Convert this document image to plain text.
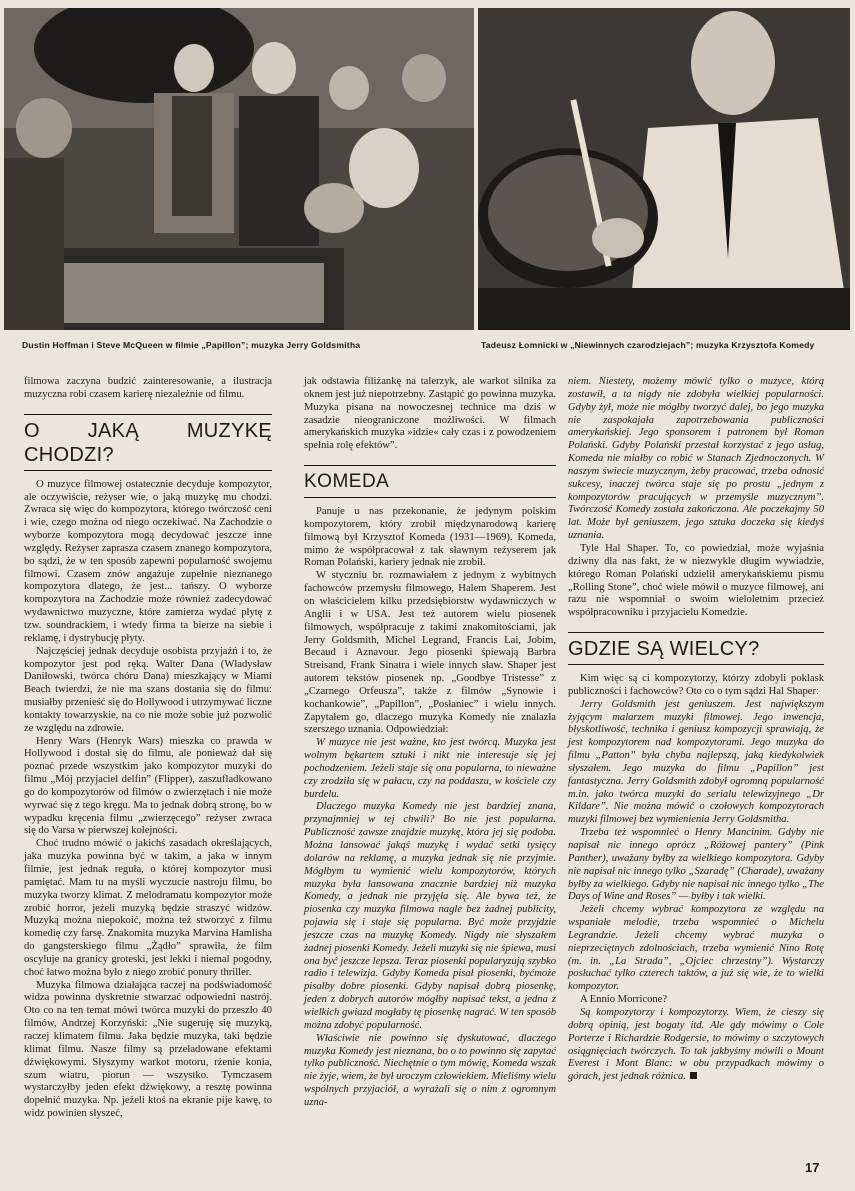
Dustin Hoffman i Steve McQueen w filmie „Papillon”; muzyka Jerry Goldsmitha	Tadeusz Łomnicki w „Niewinnych czarodziejach”; muzyka Krzysztofa Komedy

filmowa zaczyna budzić zainteresowanie, a ilustracja muzyczna robi czasem karierę niezależnie od filmu.

O JAKĄ MUZYKĘ CHODZI?

O muzyce filmowej ostatecznie decyduje kompozytor, ale oczywiście, reżyser wie, o jaką muzykę mu chodzi. Zwraca się więc do kompozytora, którego twórczość ceni i wie, czego można od niego oczekiwać. Na Zachodzie o wyborze kompozytora mogą decydować jeszcze inne względy. Reżyser zaprasza czasem znanego kompozytora, bo sądzi, że w ten sposób zapewni popularność swojemu filmowi. Czasem znów angażuje zupełnie nieznanego kompozytora dlatego, że jest... tańszy. O wyborze kompozytora na Zachodzie może również zadecydować wydawnictwo muzyczne, które zamierza wydać płytę z tzw. soundrackiem, i wtedy firma ta bierze na siebie i reklamę, i dystrybucję płyty.

Najczęściej jednak decyduje osobista przyjaźń i to, że kompozytor jest pod ręką. Walter Dana (Władysław Daniłowski, twórca chóru Dana) mieszkający w Miami Beach twierdzi, że nie ma szans dostania się do filmu: musiałby przenieść się do Hollywood i utrzymywać liczne kontakty towarzyskie, na co nie może sobie już pozwolić ze względu na zdrowie.

Henry Wars (Henryk Wars) mieszka co prawda w Hollywood i dostał się do filmu, ale ponieważ dał się poznać przede wszystkim jako kompozytor muzyki do filmu „Mój przyjaciel delfin” (Flipper), zaszufladkowano go do kompozytorów od filmów o zwierzętach i nie może wyrwać się z tego kręgu. Ma to jednak dobrą stronę, bo w wypadku kręcenia filmu „zwierzęcego” reżyser zwraca się do Varsa w pierwszej kolejności.

Choć trudno mówić o jakichś zasadach określających, jaka muzyka powinna być w takim, a jaka w innym filmie, jest jednak reguła, o której kompozytor musi pamiętać. Mam tu na myśli wyczucie nastroju filmu, bo muzyka tworzy klimat. Z melodramatu kompozytor może zrobić horror, jeżeli muzyką będzie straszyć widzów. Muzyką można niepokoić, można też stworzyć z filmu komedię czy farsę. Znakomita muzyka Marvina Hamlisha do gangsterskiego filmu „Żądło” sprawiła, że film oscyluje na granicy groteski, jest lekki i niemal pogodny, choć łatwo można było z niego zrobić ponury thriller.

Muzyka filmowa działająca raczej na podświadomość widza powinna dyskretnie stwarzać odpowiedni nastrój. Oto co na ten temat mówi twórca muzyki do przeszło 40 filmów, Andrzej Korzyński: „Nie sugeruję się muzyką, raczej klimatem filmu. Jaka będzie muzyka, taki będzie klimat filmu. Nasze filmy są przeładowane efektami dźwiękowymi. Słyszymy warkot motoru, rżenie konia, szum wiatru, piorun — wszystko. Tymczasem wystarczyłby jeden efekt dźwiękowy, a resztę powinna dopełnić muzyka. Np. jeżeli ktoś na ekranie pije kawę, to widz powinien słyszeć,

jak odstawia filiżankę na talerzyk, ale warkot silnika za oknem jest już niepotrzebny. Zastąpić go powinna muzyka. Muzyka pisana na nowoczesnej technice ma dziś w zasadzie nieograniczone możliwości. W filmach amerykańskich muzyka »idzie« cały czas i z powodzeniem spełnia rolę efektów”.

KOMEDA

Panuje u nas przekonanie, że jedynym polskim kompozytorem, który zrobił międzynarodową karierę filmową był Krzysztof Komeda (1931—1969). Komeda, mimo że współpracował z tak sławnym reżyserem jak Roman Polański, kariery jednak nie zrobił.

W styczniu br. rozmawiałem z jednym z wybitnych fachowców przemysłu filmowego, Halem Shaperem. Jest on właścicielem kilku przedsiębiorstw wydawniczych w Anglii i w USA. Jest też autorem wielu piosenek filmowych, współpracuje z takimi znakomitościami, jak Jerry Goldsmith, Michel Legrand, Francis Lai, Jobim, Becaud i Aznavour. Jego piosenki śpiewają Barbra Streisand, Frank Sinatra i wiele innych sław. Shaper jest autorem tekstów piosenek np. „Goodbye Tristesse” z „Czarnego Orfeusza”, także z filmów „Synowie i kochankowie”, „Papillon”, „Posłaniec” i wielu innych. Zapytałem go, dlaczego muzyka Komedy nie znalazła szerszego uznania. Odpowiedział:

W muzyce nie jest ważne, kto jest twórcą. Muzyka jest wolnym bękartem sztuki i nikt nie interesuje się jej pochodzeniem. Jeżeli staje się ona popularna, to nieważne czy zrodziła się w pałacu, czy na poddaszu, w kościele czy burdelu.

Dlaczego muzyka Komedy nie jest bardziej znana, przynajmniej w tej chwili? Bo nie jest popularna. Publiczność zawsze znajdzie muzykę, która jej się podoba. Można lansować jakąś muzykę i wydać setki tysięcy dolarów na reklamę, a muzyka jednak się nie przyjmie. Mógłbym tu wymienić wielu kompozytorów, których muzyka była lansowana znacznie bardziej niż muzyka Komedy, a jednak nie przyjęła się. Ale bywa też, że piosenka czy muzyka filmowa nagle bez żadnej publicity, pojawia się i staje się popularna. Być może przyjdzie jeszcze czas na muzykę Komedy. Nigdy nie słyszałem żadnej piosenki Komedy. Jeżeli muzyki się nie śpiewa, musi ona być jeszcze lepsza. Teraz piosenki popularyzują szybko radio i telewizja. Gdyby Komeda pisał piosenki, byćmoże pisałby dobre piosenki. Gdyby napisał dobrą piosenkę, jeden z dobrych autorów mógłby napisać tekst, a jedna z wielkich gwiazd mogłaby tę piosenkę nagrać. W ten sposób można zdobyć popularność.

Właściwie nie powinno się dyskutować, dlaczego muzyka Komedy jest nieznana, bo o to powinno się zapytać tylko publiczność. Niechętnie o tym mówię, Komeda wszak nie żyje, wiem, że był uroczym człowiekiem. Mieliśmy wielu wspólnych przyjaciół, a wyrażali się o nim z ogromnym uzna-

niem. Niestety, możemy mówić tylko o muzyce, którą zostawił, a ta nigdy nie zdobyła wielkiej popularności. Gdyby żył, może nie mógłby tworzyć dalej, bo jego muzyka nie zaspokajała zapotrzebowania publiczności amerykańskiej. Jego sponsorem i patronem był Roman Polański. Gdyby Polański przestał korzystać z jego usług, Komeda nie miałby co robić w Stanach Zjednoczonych. W naszym świecie muzycznym, żeby pracować, trzeba odnosić sukcesy, inaczej twórca staje się po prostu „jednym z kompozytorów pracujących w przemyśle muzycznym”. Twórczość Komedy została zakończona. Ale poczekajmy 50 lat. Może był geniuszem, jego sztuka doczeka się kiedyś uznania.

Tyle Hal Shaper. To, co powiedział, może wyjaśnia dziwny dla nas fakt, że w niezwykle długim wywiadzie, którego Roman Polański udzielił amerykańskiemu pismu „Rolling Stone”, choć wiele mówił o muzyce filmowej, ani razu nie wspomniał o swoim wieloletnim przecież współpracowniku i przyjacielu Komedzie.

GDZIE SĄ WIELCY?

Kim więc są ci kompozytorzy, którzy zdobyli poklask publiczności i fachowców? Oto co o tym sądzi Hal Shaper:

Jerry Goldsmith jest geniuszem. Jest największym żyjącym malarzem muzyki filmowej. Jego inwencja, błyskotliwość, technika i geniusz kompozycji sprawiają, że jest kompozytorem nad kompozytorami. Jego muzyka do filmu „Patton” była chyba najlepszą, jaką kiedykolwiek słyszałem. Jego muzyka do filmu „Papillon” jest fantastyczna. Jerry Goldsmith zdobył ogromną popularność m.in. jako twórca muzyki do serialu telewizyjnego „Dr Kildare”. Nie można mówić o czołowych kompozytorach muzyki filmowej bez wymienienia Jerry Goldsmitha.

Trzeba też wspomnieć o Henry Mancinim. Gdyby nie napisał nic innego oprócz „Różowej pantery” (Pink Panther), uważany byłby za wielkiego kompozytora. Gdyby nie napisał nic innego tylko „Szaradę” (Charade), uważany byłby za wielkiego. Gdyby nie napisał nic innego tylko „The Days of Wine and Roses” — byłby i tak wielki.

Jeżeli chcemy wybrać kompozytora ze względu na wspaniałe melodie, trzeba wspomnieć o Michelu Legrandzie. Jeżeli chcemy wybrać muzyka o nieprzeciętnych zdolnościach, trzeba wymienić Nino Rotę (m. in. „La Strada”, „Ojciec chrzestny”). Wystarczy posłuchać tylko czterech taktów, a już się wie, że to wielki kompozytor.

A Ennio Morricone?

Są kompozytorzy i kompozytorzy. Wiem, że cieszy się dobrą opinią, jest bogaty itd. Ale gdy mówimy o Cole Porterze i Richardzie Rodgersie, to mówimy o szczytowych osiągnięciach twórczych. To tak jakbyśmy mówili o Mount Everest i Mont Blanc: w obu przypadkach mówimy o górach, jest jednak różnica.

17
